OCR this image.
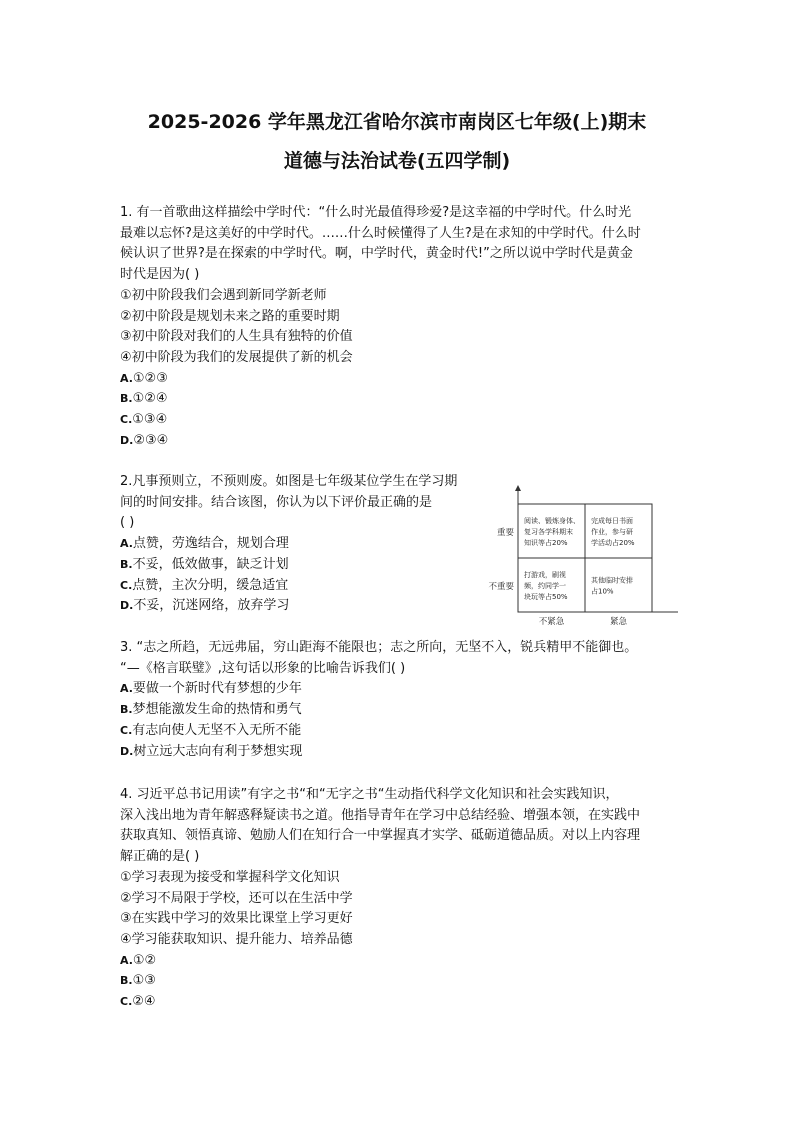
2025-2026 学年黑龙江省哈尔滨市南岗区七年级(上)期末
道德与法治试卷(五四学制)
1. 有一首歌曲这样描绘中学时代：“什么时光最值得珍爱?是这幸福的中学时代。什么时光
最难以忘怀?是这美好的中学时代。……什么时候懂得了人生?是在求知的中学时代。什么时
候认识了世界?是在探索的中学时代。啊，中学时代，黄金时代!”之所以说中学时代是黄金
时代是因为( )
①初中阶段我们会遇到新同学新老师
②初中阶段是规划未来之路的重要时期
③初中阶段对我们的人生具有独特的价值
④初中阶段为我们的发展提供了新的机会
A.①②③
B.①②④
C.①③④
D.②③④
2.凡事预则立，不预则废。如图是七年级某位学生在学习期
间的时间安排。结合该图，你认为以下评价最正确的是
( )
A.点赞，劳逸结合，规划合理
B.不妥，低效做事，缺乏计划
C.点赞，主次分明，缓急适宜
D.不妥，沉迷网络，放弃学习
重要
不重要
不紧急	紧急
阅读、锻炼身体、
复习各学科期末
知识等占20%
完成每日书面
作业，参与研
学活动占20%
打游戏，刷视
频，约同学一
块玩等占50%
其他临时安排
占10%
3. “志之所趋，无远弗届，穷山距海不能限也；志之所向，无坚不入，锐兵精甲不能御也。
“—《格言联璧》,这句话以形象的比喻告诉我们( )
A.要做一个新时代有梦想的少年
B.梦想能激发生命的热情和勇气
C.有志向使人无坚不入无所不能
D.树立远大志向有利于梦想实现
4. 习近平总书记用读”有字之书“和“无字之书“生动指代科学文化知识和社会实践知识，
深入浅出地为青年解惑释疑读书之道。他指导青年在学习中总结经验、增强本领，在实践中
获取真知、领悟真谛、勉励人们在知行合一中掌握真才实学、砥砺道德品质。对以上内容理
解正确的是( )
①学习表现为接受和掌握科学文化知识
②学习不局限于学校，还可以在生活中学
③在实践中学习的效果比课堂上学习更好
④学习能获取知识、提升能力、培养品德
A.①②
B.①③
C.②④
